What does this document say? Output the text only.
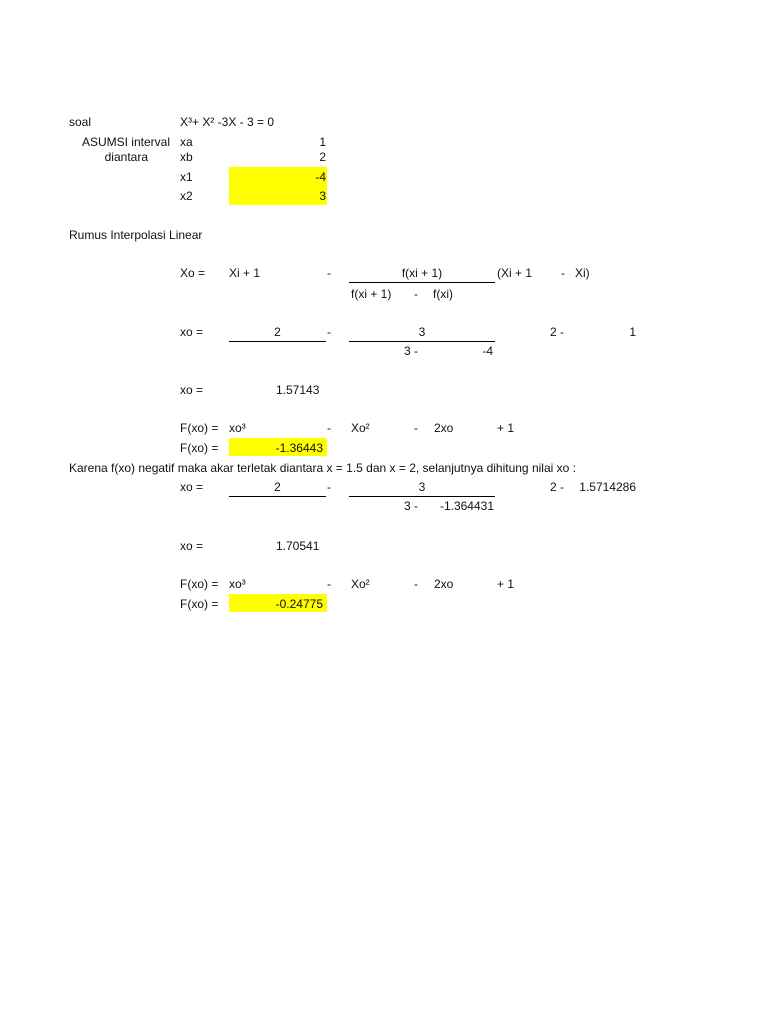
soal	X³+ X² -3X - 3 = 0
ASUMSI interval
diantara
xa	1
xb	2
x1	-4
x2	3
Rumus Interpolasi Linear
Xo = Xi + 1	-	f(xi + 1)
f(xi + 1) - f(xi)
(Xi + 1 - Xi)
xo =	2	-	3
3 -	-4
2 -	1
xo =	1.57143
F(xo) = xo³	- Xo²	- 2xo	+ 1
F(xo) =	-1.36443
Karena f(xo) negatif maka akar terletak diantara x = 1.5 dan x = 2, selanjutnya dihitung nilai xo :
xo =	2	-	3
3 -	-1.364431
2 -	1.5714286
xo =	1.70541
F(xo) = xo³	- Xo²	- 2xo	+ 1
F(xo) =	-0.24775
